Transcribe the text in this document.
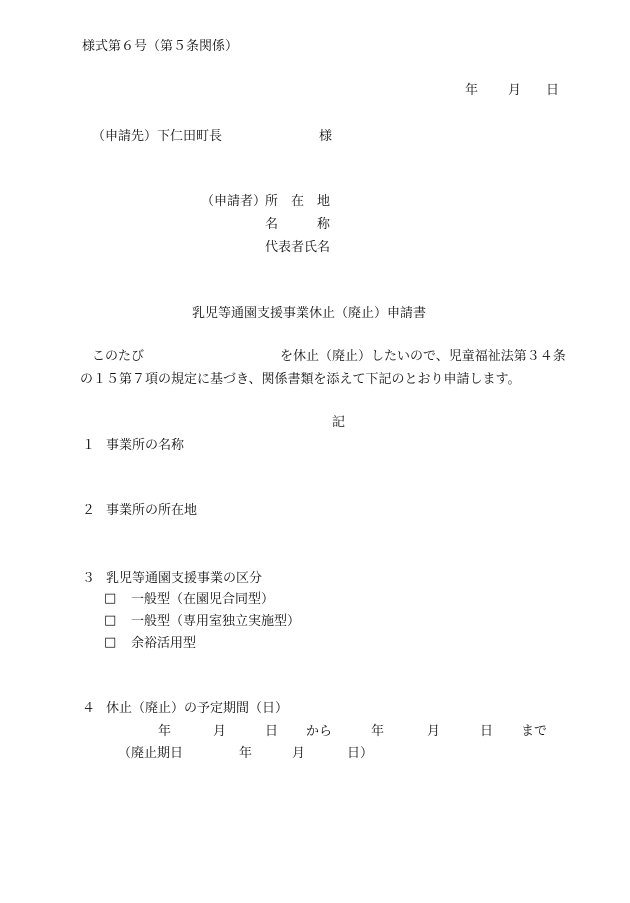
様式第６号（第５条関係）
年 月 日
（申請先）下仁田町長	様
（申請者）
所　在　地
名　　　称
代表者氏名
乳児等通園支援事業休止（廃止）申請書
このたび	を休止（廃止）したいので、児童福祉法第３４条
の１５第７項の規定に基づき、関係書類を添えて下記のとおり申請します。
記
１ 事業所の名称
２ 事業所の所在地
３ 乳児等通園支援事業の区分
□ 一般型（在園児合同型）
□ 一般型（専用室独立実施型）
□ 余裕活用型
４ 休止（廃止）の予定期間（日）
年	月	日 から	年	月	日 まで
（廃止期日	年	月	日）
